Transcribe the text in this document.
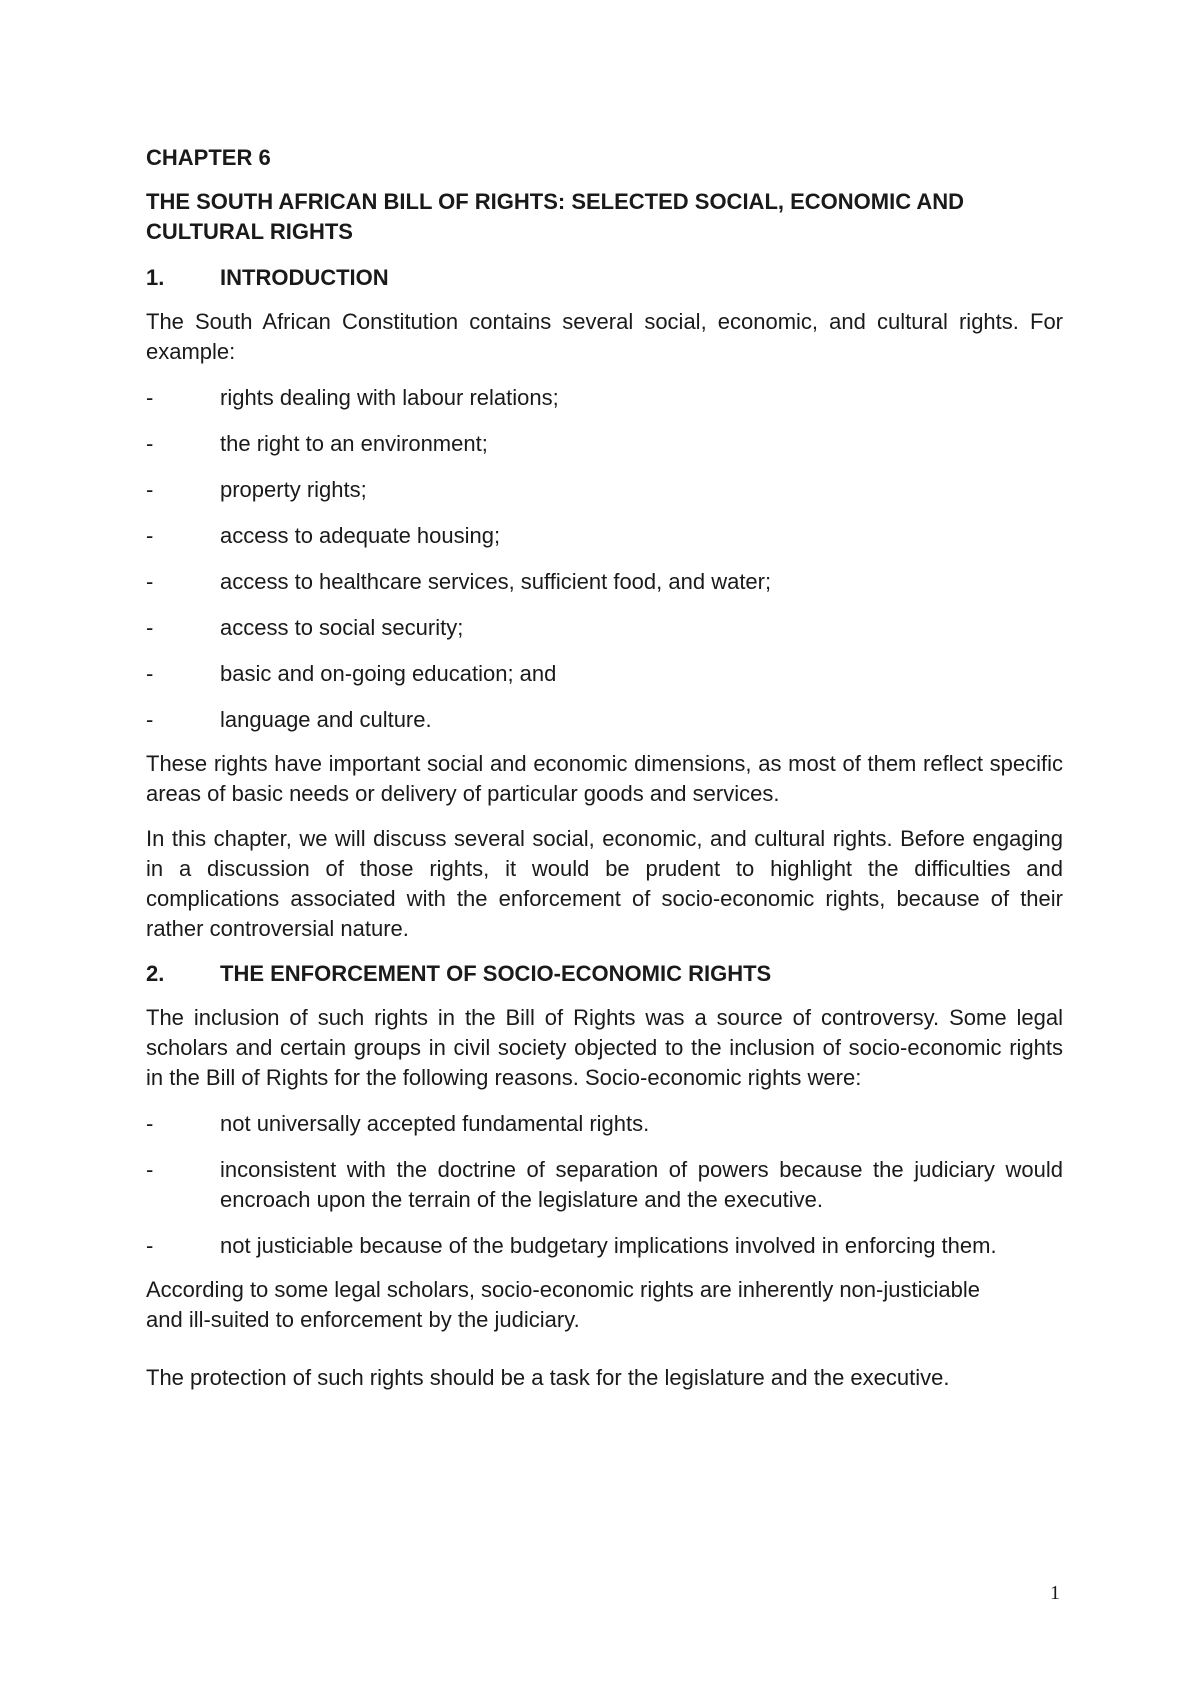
CHAPTER 6
THE SOUTH AFRICAN BILL OF RIGHTS: SELECTED SOCIAL, ECONOMIC AND CULTURAL RIGHTS
1.	INTRODUCTION

The South African Constitution contains several social, economic, and cultural rights. For example:

-	rights dealing with labour relations;
-	the right to an environment;
-	property rights;
-	access to adequate housing;
-	access to healthcare services, sufficient food, and water;
-	access to social security;
-	basic and on-going education; and
-	language and culture.

These rights have important social and economic dimensions, as most of them reflect specific areas of basic needs or delivery of particular goods and services.

In this chapter, we will discuss several social, economic, and cultural rights. Before engaging in a discussion of those rights, it would be prudent to highlight the difficulties and complications associated with the enforcement of socio-economic rights, because of their rather controversial nature.

2.	THE ENFORCEMENT OF SOCIO-ECONOMIC RIGHTS

The inclusion of such rights in the Bill of Rights was a source of controversy. Some legal scholars and certain groups in civil society objected to the inclusion of socio-economic rights in the Bill of Rights for the following reasons. Socio-economic rights were:

-	not universally accepted fundamental rights.
-	inconsistent with the doctrine of separation of powers because the judiciary would encroach upon the terrain of the legislature and the executive.
-	not justiciable because of the budgetary implications involved in enforcing them.

According to some legal scholars, socio-economic rights are inherently non-justiciable

and ill-suited to enforcement by the judiciary.

The protection of such rights should be a task for the legislature and the executive.

1
